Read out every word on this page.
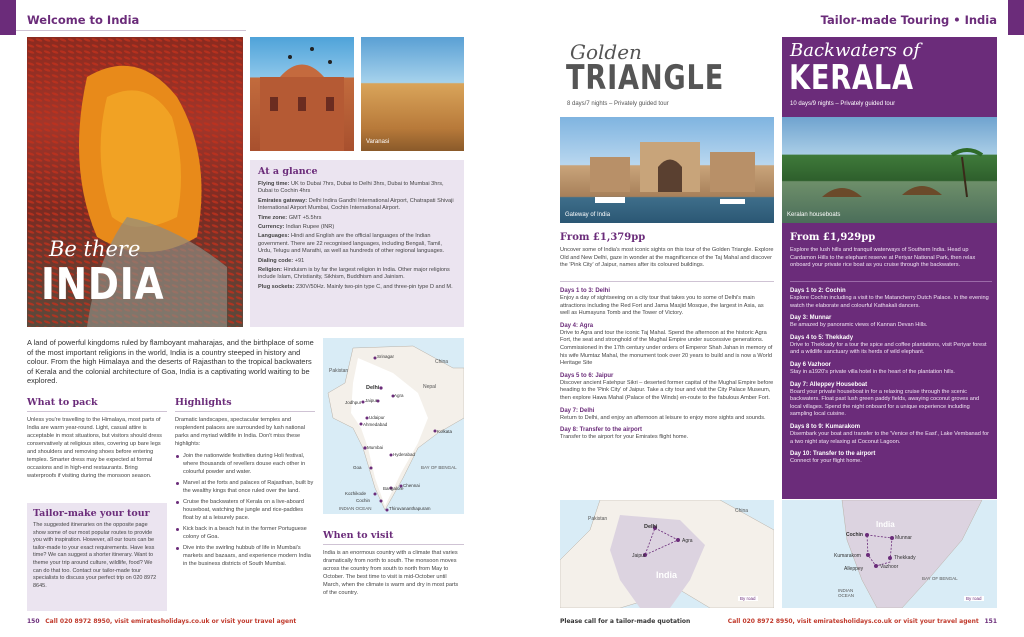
Welcome to India	Tailor-made Touring • India
Be there
INDIA
Varanasi
At a glance
Flying time: UK to Dubai 7hrs, Dubai to Delhi 3hrs, Dubai to Mumbai 3hrs, Dubai to Cochin 4hrs
Emirates gateway: Delhi Indira Gandhi International Airport, Chatrapati Shivaji International Airport Mumbai, Cochin International Airport.
Time zone: GMT +5.5hrs
Currency: Indian Rupee (INR)
Languages: Hindi and English are the official languages of the Indian government. There are 22 recognised languages, including Bengali, Tamil, Urdu, Telugu and Marathi, as well as hundreds of other regional languages.
Dialing code: +91
Religion: Hinduism is by far the largest religion in India. Other major religions include Islam, Christianity, Sikhism, Buddhism and Jainism.
Plug sockets: 230V/50Hz. Mainly two-pin type C, and three-pin type D and M.
A land of powerful kingdoms ruled by flamboyant maharajas, and the birthplace of some of the most important religions in the world, India is a country steeped in history and colour. From the high Himalaya and the deserts of Rajasthan to the tropical backwaters of Kerala and the colonial architecture of Goa, India is a captivating world waiting to be explored.
What to pack
Unless you're travelling to the Himalaya, most parts of India are warm year-round. Light, casual attire is acceptable in most situations, but visitors should dress conservatively at religious sites, covering up bare legs and shoulders and removing shoes before entering temples. Smarter dress may be expected at formal occasions and in high-end restaurants. Bring waterproofs if visiting during the monsoon season.
Highlights
Dramatic landscapes, spectacular temples and resplendent palaces are surrounded by lush national parks and myriad wildlife in India. Don't miss these highlights:
Join the nationwide festivities during Holi festival, where thousands of revellers douse each other in colourful powder and water.
Marvel at the forts and palaces of Rajasthan, built by the wealthy kings that once ruled over the land.
Cruise the backwaters of Kerala on a live-aboard houseboat, watching the jungle and rice-paddies float by at a leisurely pace.
Kick back in a beach hut in the former Portuguese colony of Goa.
Dive into the swirling hubbub of life in Mumbai's markets and bazaars, and experience modern India in the business districts of South Mumbai.
Tailor-make your tour
The suggested itineraries on the opposite page show some of our most popular routes to provide you with inspiration. However, all our tours can be tailor-made to your exact requirements. Have less time? We can suggest a shorter itinerary. Want to theme your trip around culture, wildlife, food? We can do that too. Contact our tailor-made tour specialists to discuss your perfect trip on 020 8972 8645.
Pakistan
China
Nepal
Srinagar
Delhi
Agra
Jaipur
Jodhpur
Udaipur
Ahmedabad
Mumbai
Goa
Hyderabad
Kolkata
Chennai
Bangalore
Kozhikode
Cochin
Thiruvananthapuram
BAY OF BENGAL
INDIAN OCEAN
When to visit
India is an enormous country with a climate that varies dramatically from north to south. The monsoon moves across the country from south to north from May to October. The best time to visit is mid-October until March, when the climate is warm and dry in most parts of the country.
150 Call 020 8972 8950, visit emiratesholidays.co.uk or visit your travel agent
Golden
TRIANGLE
8 days/7 nights – Privately guided tour
Gateway of India
From £1,379pp
Uncover some of India's most iconic sights on this tour of the Golden Triangle. Explore Old and New Delhi, gaze in wonder at the magnificence of the Taj Mahal and discover the 'Pink City' of Jaipur, names after its coloured buildings.
Days 1 to 3: Delhi
Enjoy a day of sightseeing on a city tour that takes you to some of Delhi's main attractions including the Red Fort and Jama Masjid Mosque, the largest in Asia, as well as Humayuns Tomb and the Tower of Victory.
Day 4: Agra
Drive to Agra and tour the iconic Taj Mahal. Spend the afternoon at the historic Agra Fort, the seat and stronghold of the Mughal Empire under successive generations. Commissioned in the 17th century under orders of Emperor Shah Jahan in memory of his wife Mumtaz Mahal, the monument took over 20 years to build and is now a World Heritage Site
Days 5 to 6: Jaipur
Discover ancient Fatehpur Sikri – deserted former capital of the Mughal Empire before heading to the 'Pink City' of Jaipur. Take a city tour and visit the City Palace Museum, then explore Hawa Mahal (Palace of the Winds) en-route to the fabulous Amber Fort.
Day 7: Delhi
Return to Delhi, and enjoy an afternoon at leisure to enjoy more sights and sounds.
Day 8: Transfer to the airport
Transfer to the airport for your Emirates flight home.
Pakistan
China
Delhi
Agra
Jaipur
India
By road
Backwaters of
KERALA
10 days/9 nights – Privately guided tour
Keralan houseboats
From £1,929pp
Explore the lush hills and tranquil waterways of Southern India. Head up Cardamon Hills to the elephant reserve at Periyar National Park, then relax onboard your private rice boat as you cruise through the backwaters.
Days 1 to 2: Cochin
Explore Cochin including a visit to the Matancherry Dutch Palace. In the evening watch the elaborate and colourful Kathakali dancers.
Day 3: Munnar
Be amazed by panoramic views of Kannan Devan Hills.
Days 4 to 5: Thekkady
Drive to Thekkady for a tour the spice and coffee plantations, visit Periyar forest and a wildlife sanctuary with its herds of wild elephant.
Day 6 Vazhoor
Stay in a1920's private villa hotel in the heart of the plantation hills.
Day 7: Alleppey Houseboat
Board your private houseboat in for a relaxing cruise through the scenic backwaters. Float past lush green paddy fields, awaying coconut groves and local villages. Spend the night onboard for a unique experience including sampling local cuisine.
Days 8 to 9: Kumarakom
Disembark your boat and transfer to the 'Venice of the East', Lake Vembanad for a two night stay relaxing at Coconut Lagoon.
Day 10: Transfer to the airport
Connect for your flight home.
India
Cochin	Munnar
Kumarakom	Thekkady
Alleppey	Vazhoor
BAY OF BENGAL
INDIAN OCEAN
By road
Please call for a tailor-made quotation	Call 020 8972 8950, visit emiratesholidays.co.uk or visit your travel agent 151
